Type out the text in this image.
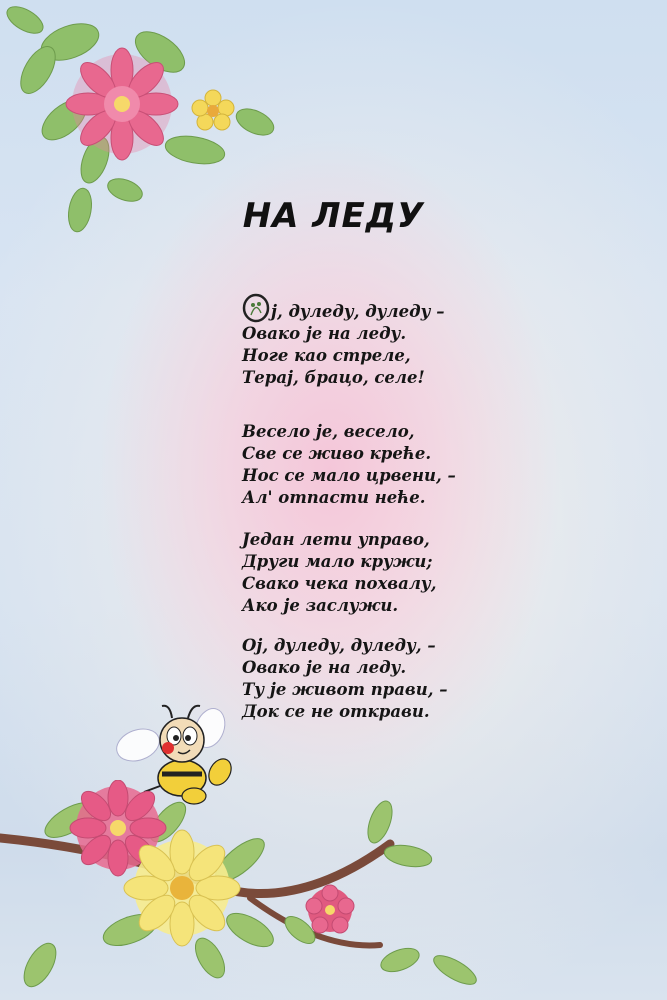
НА ЛЕДУ
ј, дуледу, дуледу –
Овако је на леду.
Ноге као стреле,
Терај, брацо, селе!
Весело је, весело,
Све се живо креће.
Нос се мало црвени, –
Ал' отпасти неће.
Један лети управо,
Други мало кружи;
Свако чека похвалу,
Ако је заслужи.
Ој, дуледу, дуледу, –
Овако је на леду.
Ту је живот прави, –
Док се не открави.
